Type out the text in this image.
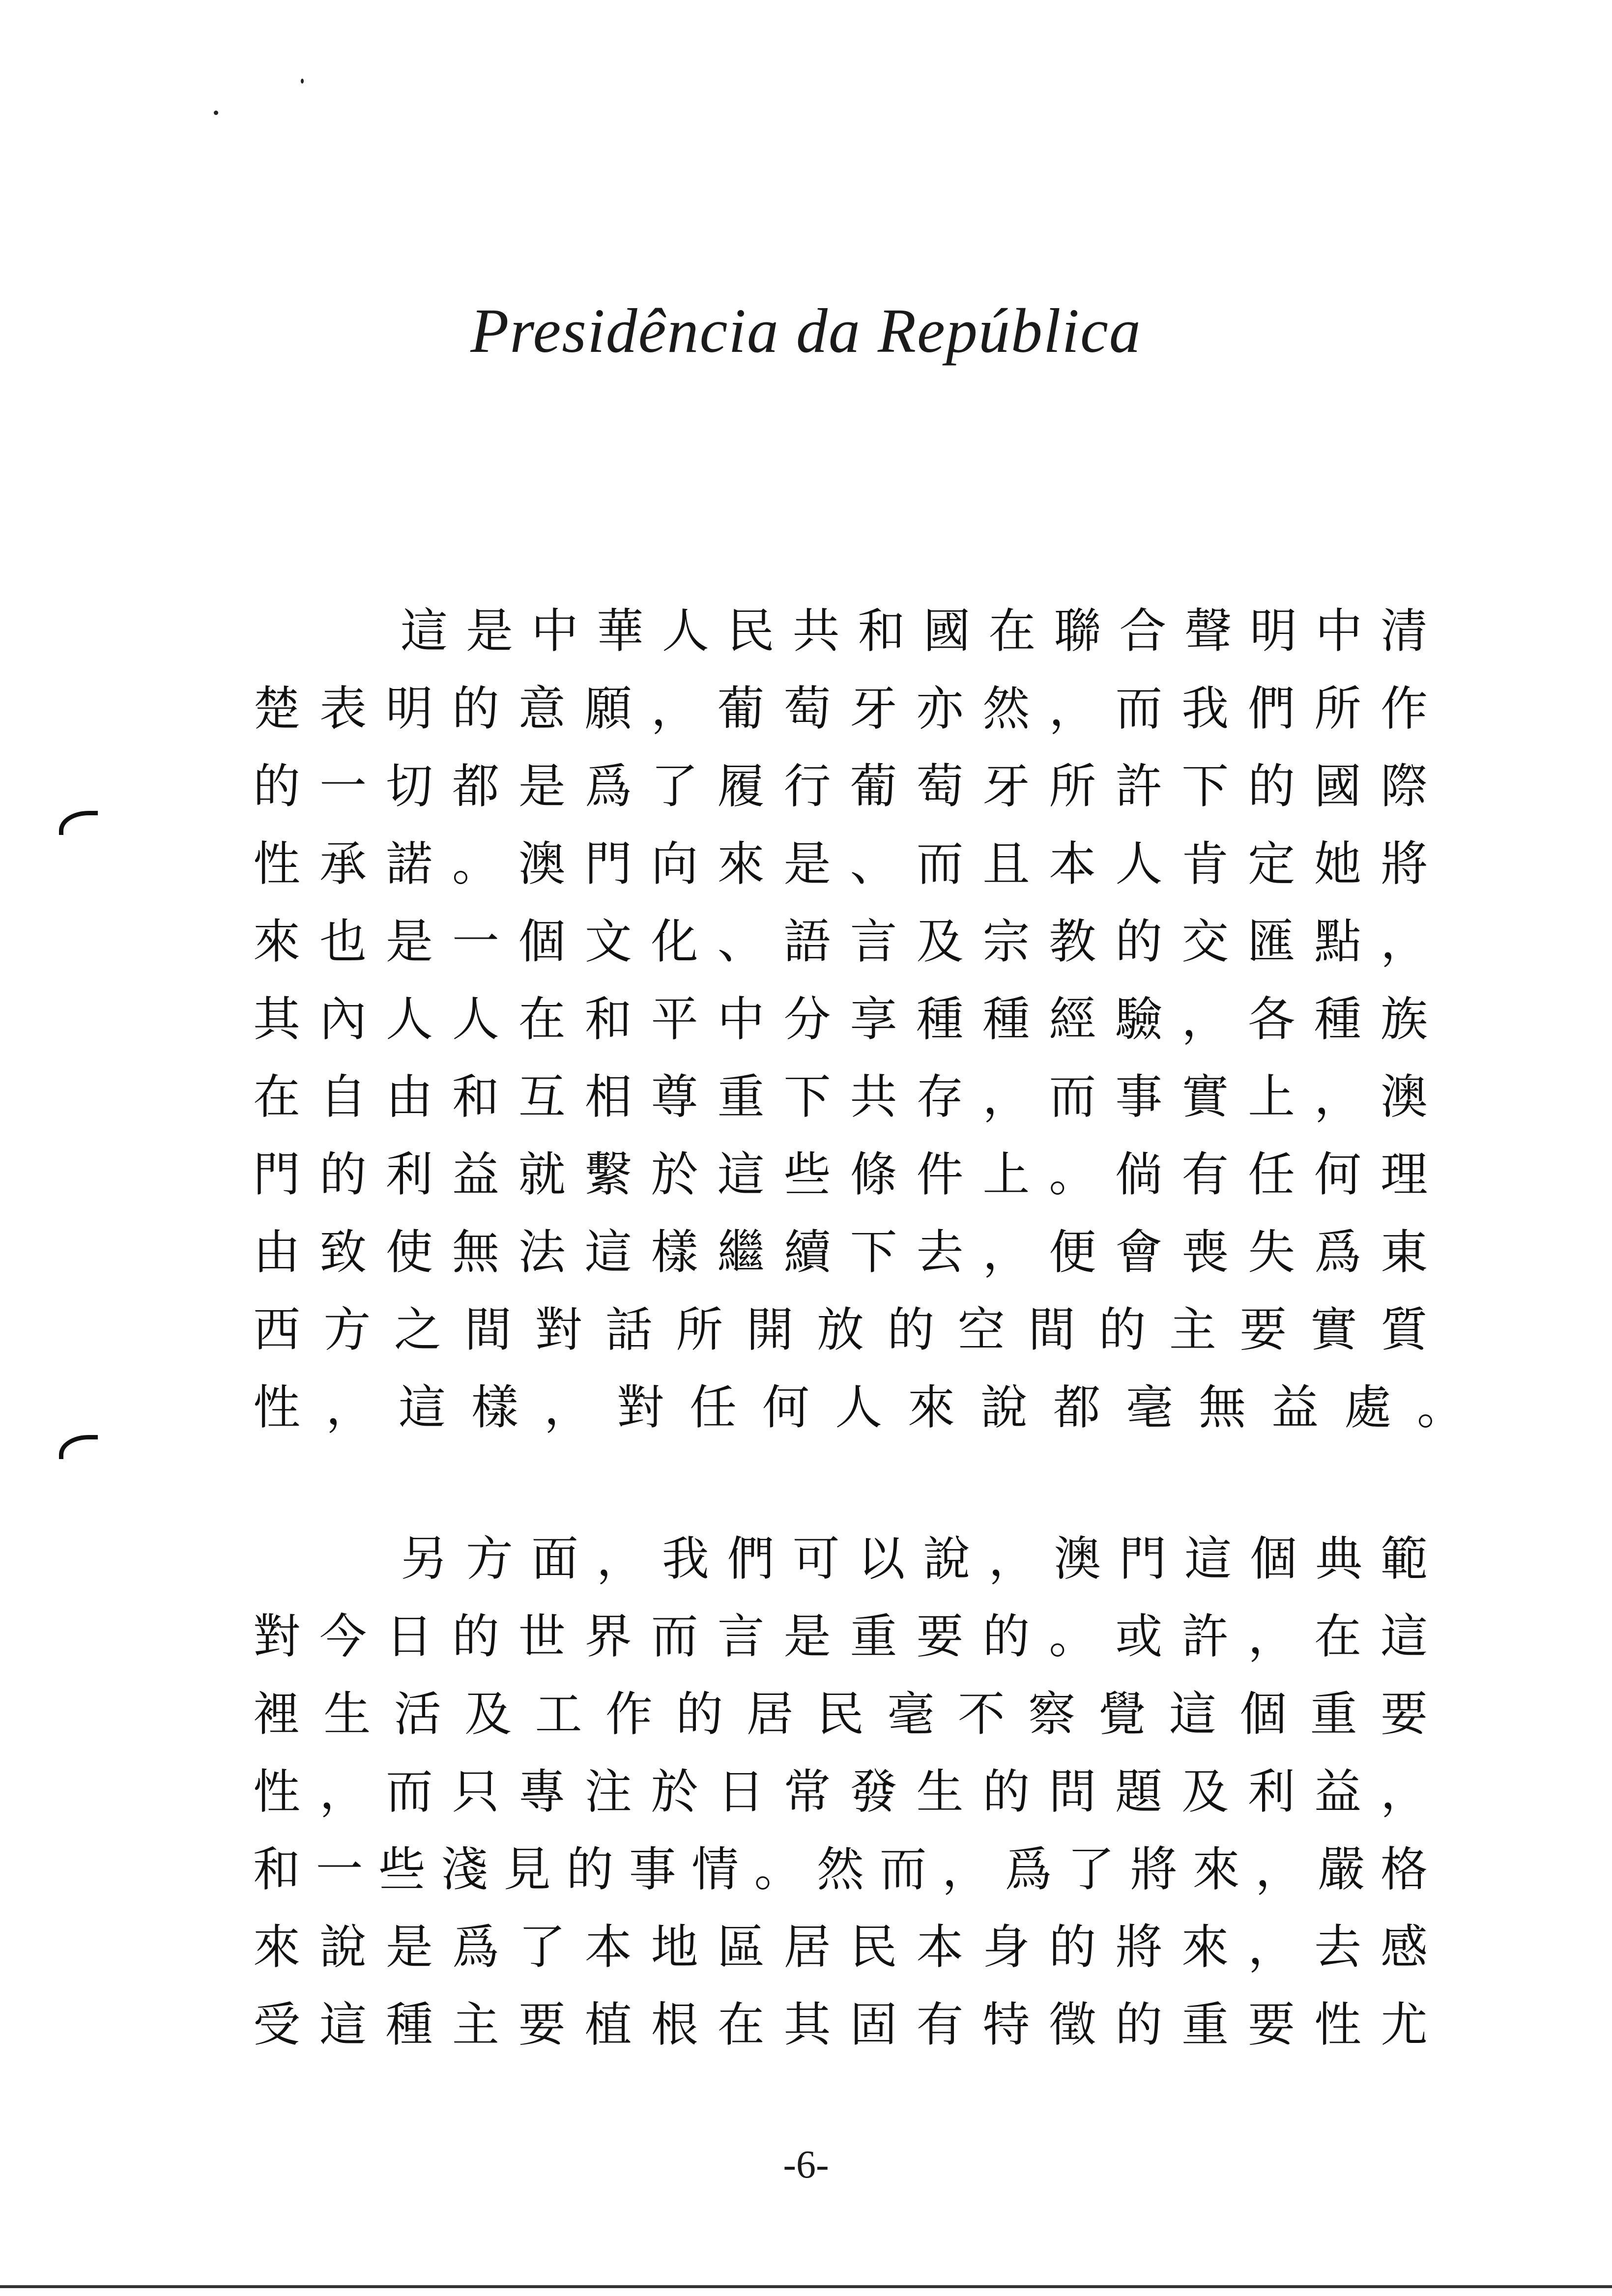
Presidência da República
這是中華人民共和國在聯合聲明中清
楚表明的意願，葡萄牙亦然，而我們所作
的一切都是爲了履行葡萄牙所許下的國際
性承諾。澳門向來是、而且本人肯定她將
來也是一個文化、語言及宗教的交匯點，
其內人人在和平中分享種種經驗，各種族
在自由和互相尊重下共存，而事實上，澳
門的利益就繫於這些條件上。倘有任何理
由致使無法這樣繼續下去，便會喪失爲東
西方之間對話所開放的空間的主要實質
性，這樣，對任何人來說都毫無益處。
另方面，我們可以說，澳門這個典範
對今日的世界而言是重要的。或許，在這
裡生活及工作的居民毫不察覺這個重要
性，而只專注於日常發生的問題及利益，
和一些淺見的事情。然而，爲了將來，嚴格
來說是爲了本地區居民本身的將來，去感
受這種主要植根在其固有特徵的重要性尤
-6-
